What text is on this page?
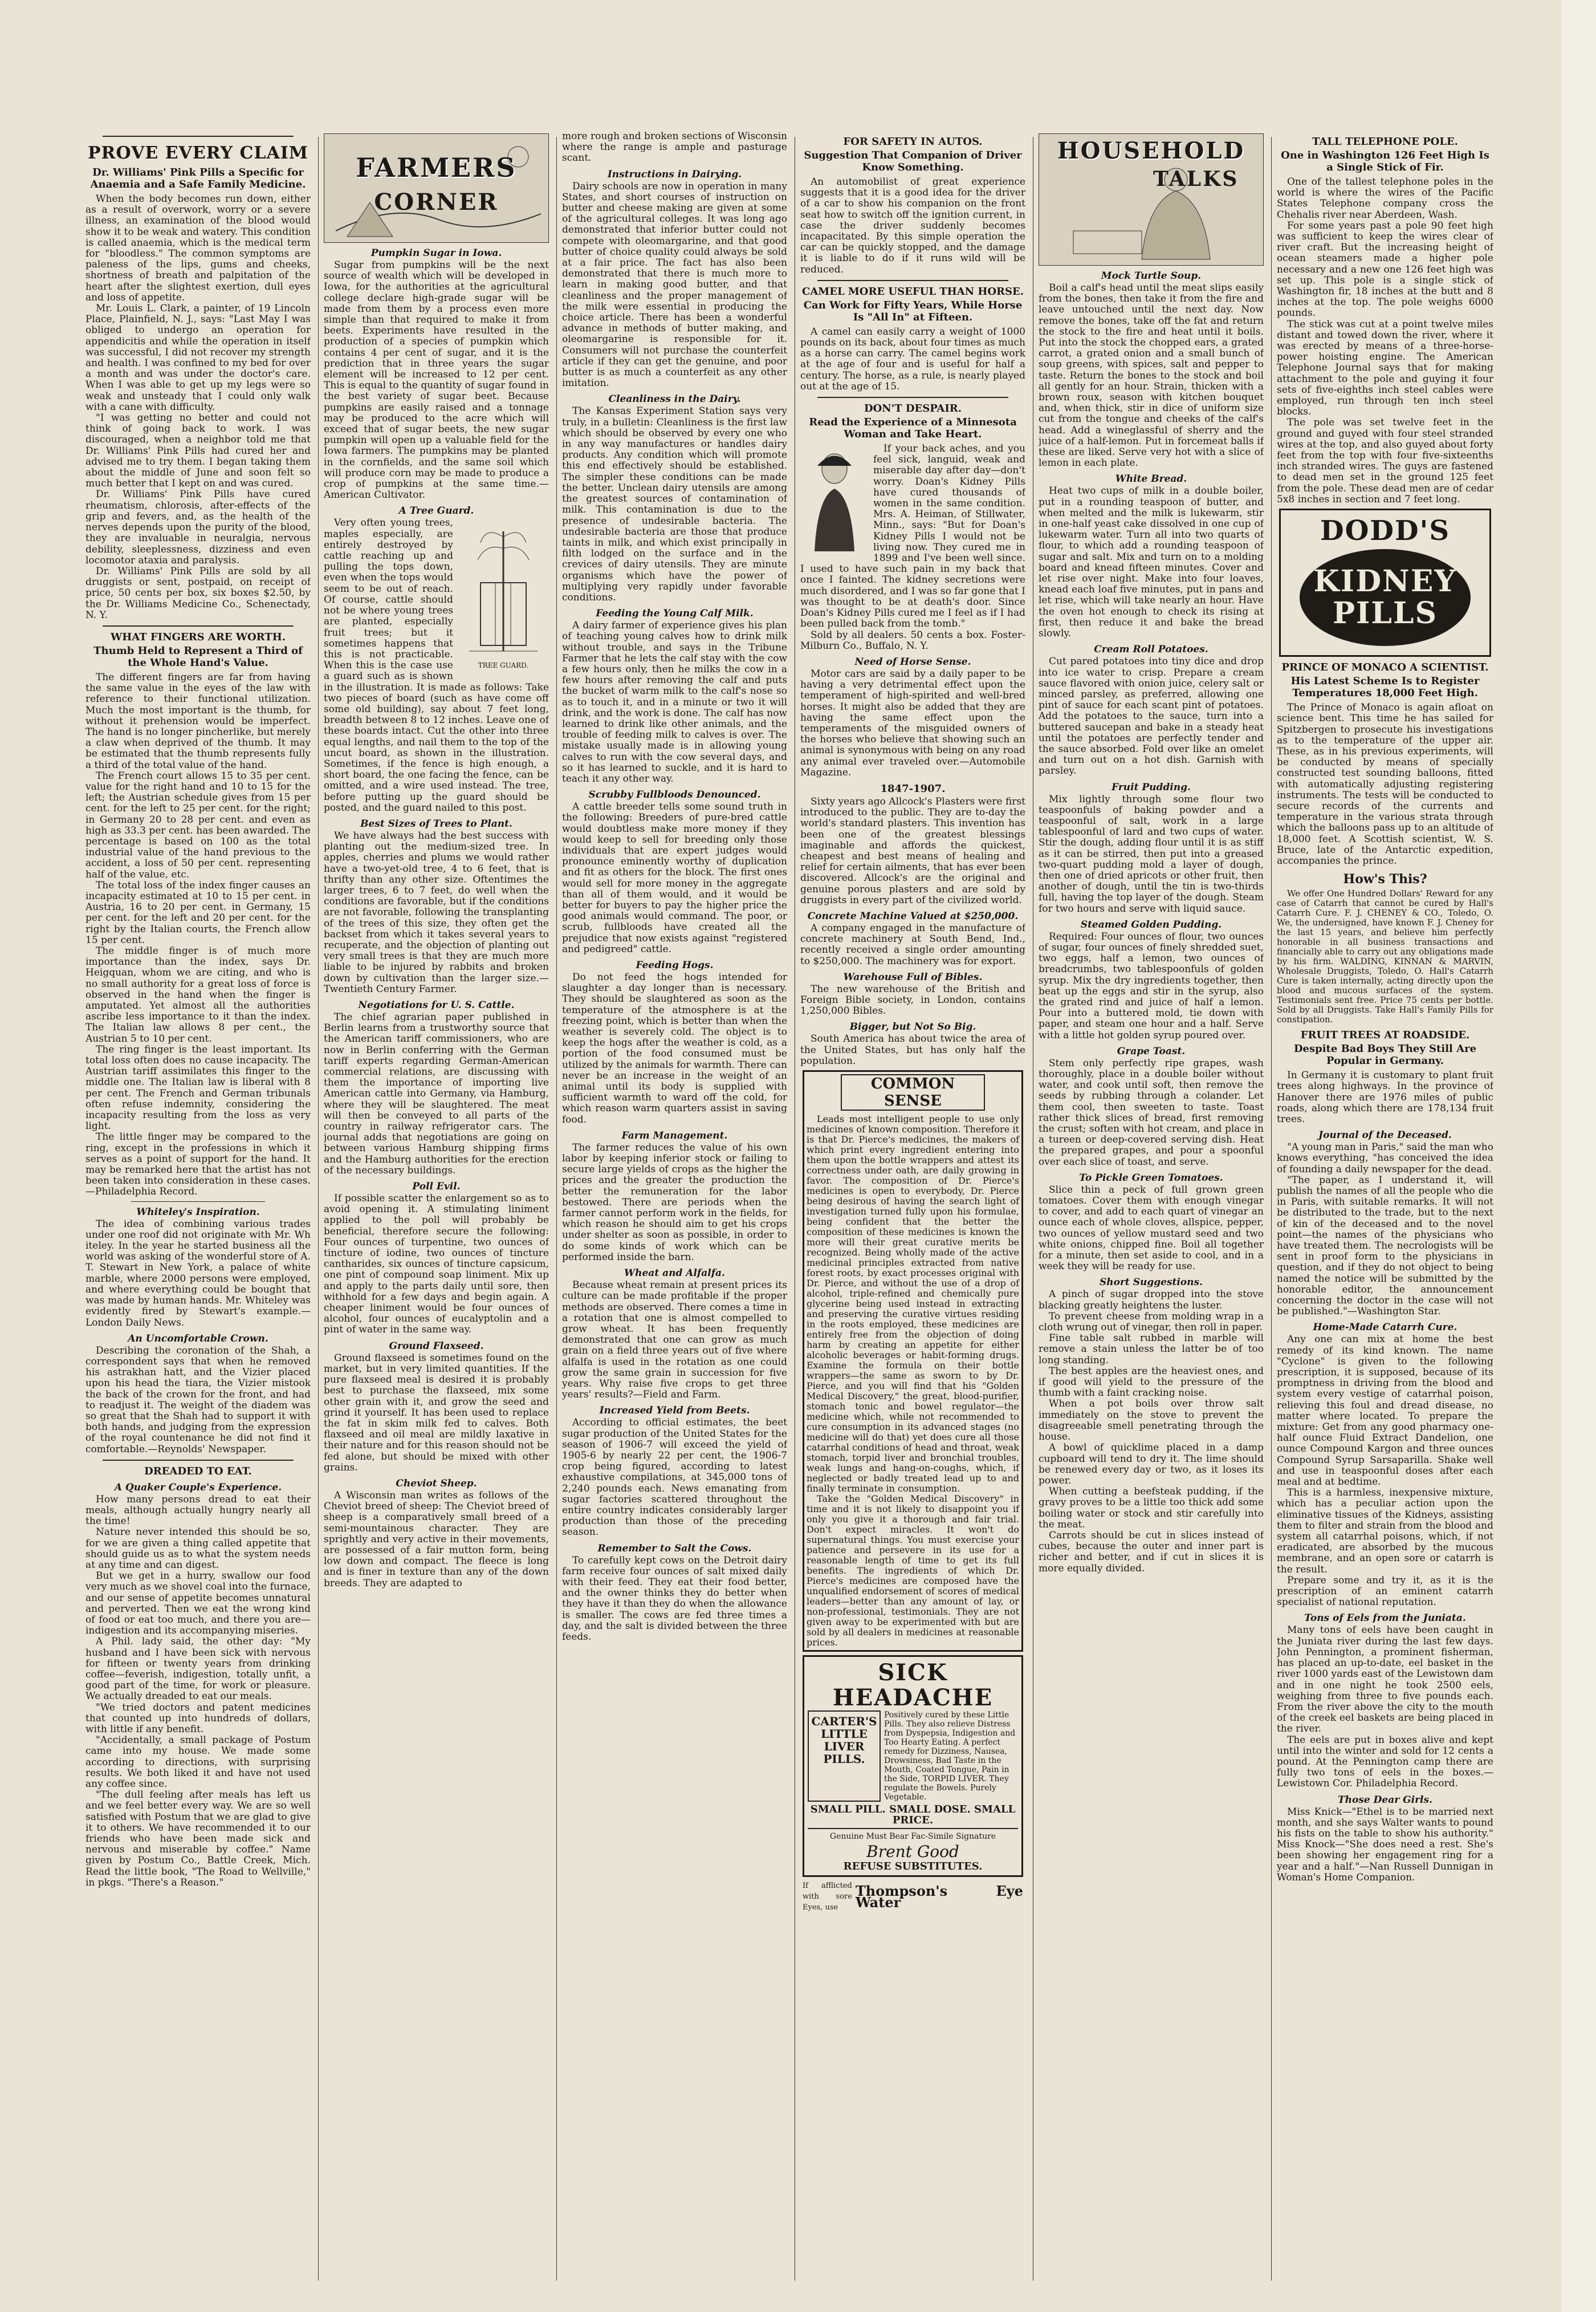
PROVE EVERY CLAIM
Dr. Williams' Pink Pills a Specific for Anaemia and a Safe Family Medicine.

When the body becomes run down, either as a result of overwork, worry or a severe illness, an examination of the blood would show it to be weak and watery. This condition is called anaemia, which is the medical term for "bloodless." The common symptoms are paleness of the lips, gums and cheeks, shortness of breath and palpitation of the heart after the slightest exertion, dull eyes and loss of appetite.

Mr. Louis L. Clark, a painter, of 19 Lincoln Place, Plainfield, N. J., says: "Last May I was obliged to undergo an operation for appendicitis and while the operation in itself was successful, I did not recover my strength and health. I was confined to my bed for over a month and was under the doctor's care. When I was able to get up my legs were so weak and unsteady that I could only walk with a cane with difficulty.

"I was getting no better and could not think of going back to work. I was discouraged, when a neighbor told me that Dr. Williams' Pink Pills had cured her and advised me to try them. I began taking them about the middle of June and soon felt so much better that I kept on and was cured.

Dr. Williams' Pink Pills have cured rheumatism, chlorosis, after-effects of the grip and fevers, and, as the health of the nerves depends upon the purity of the blood, they are invaluable in neuralgia, nervous debility, sleeplessness, dizziness and even locomotor ataxia and paralysis.

Dr. Williams' Pink Pills are sold by all druggists or sent, postpaid, on receipt of price, 50 cents per box, six boxes $2.50, by the Dr. Williams Medicine Co., Schenectady, N. Y.

WHAT FINGERS ARE WORTH.
Thumb Held to Represent a Third of the Whole Hand's Value.

The different fingers are far from having the same value in the eyes of the law with reference to their functional utilization. Much the most important is the thumb, for without it prehension would be imperfect. The hand is no longer pincherlike, but merely a claw when deprived of the thumb. It may be estimated that the thumb represents fully a third of the total value of the hand.

The French court allows 15 to 35 per cent. value for the right hand and 10 to 15 for the left; the Austrian schedule gives from 15 per cent. for the left to 25 per cent. for the right; in Germany 20 to 28 per cent. and even as high as 33.3 per cent. has been awarded. The percentage is based on 100 as the total industrial value of the hand previous to the accident, a loss of 50 per cent. representing half of the value, etc.

The total loss of the index finger causes an incapacity estimated at 10 to 15 per cent. in Austria, 16 to 20 per cent. in Germany, 15 per cent. for the left and 20 per cent. for the right by the Italian courts, the French allow 15 per cent.

The middle finger is of much more importance than the index, says Dr. Heigquan, whom we are citing, and who is no small authority for a great loss of force is observed in the hand when the finger is amputated. Yet almost all the authorities ascribe less importance to it than the index. The Italian law allows 8 per cent., the Austrian 5 to 10 per cent.

The ring finger is the least important. Its total loss often does no cause incapacity. The Austrian tariff assimilates this finger to the middle one. The Italian law is liberal with 8 per cent. The French and German tribunals often refuse indemnity, considering the incapacity resulting from the loss as very light.

The little finger may be compared to the ring, except in the professions in which it serves as a point of support for the hand. It may be remarked here that the artist has not been taken into consideration in these cases.—Philadelphia Record.

Whiteley's Inspiration.

The idea of combining various trades under one roof did not originate with Mr. Wh iteley. In the year he started business all the world was asking of the wonderful store of A. T. Stewart in New York, a palace of white marble, where 2000 persons were employed, and where everything could be bought that was made by human hands. Mr. Whiteley was evidently fired by Stewart's example.—London Daily News.

An Uncomfortable Crown.

Describing the coronation of the Shah, a correspondent says that when he removed his astrakhan hatt, and the Vizier placed upon his head the tiara, the Vizier mistook the back of the crown for the front, and had to readjust it. The weight of the diadem was so great that the Shah had to support it with both hands, and judging from the expression of the royal countenance he did not find it comfortable.—Reynolds' Newspaper.

DREADED TO EAT.
A Quaker Couple's Experience.

How many persons dread to eat their meals, although actually hungry nearly all the time!

Nature never intended this should be so, for we are given a thing called appetite that should guide us as to what the system needs at any time and can digest.

But we get in a hurry, swallow our food very much as we shovel coal into the furnace, and our sense of appetite becomes unnatural and perverted. Then we eat the wrong kind of food or eat too much, and there you are—indigestion and its accompanying miseries.

A Phil. lady said, the other day: "My husband and I have been sick with nervous for fifteen or twenty years from drinking coffee—feverish, indigestion, totally unfit, a good part of the time, for work or pleasure. We actually dreaded to eat our meals.

"We tried doctors and patent medicines that counted up into hundreds of dollars, with little if any benefit.

"Accidentally, a small package of Postum came into my house. We made some according to directions, with surprising results. We both liked it and have not used any coffee since.

"The dull feeling after meals has left us and we feel better every way. We are so well satisfied with Postum that we are glad to give it to others. We have recommended it to our friends who have been made sick and nervous and miserable by coffee." Name given by Postum Co., Battle Creek, Mich. Read the little book, "The Road to Wellville," in pkgs. "There's a Reason."

FARMERS
CORNER
Pumpkin Sugar in Iowa.

Sugar from pumpkins will be the next source of wealth which will be developed in Iowa, for the authorities at the agricultural college declare high-grade sugar will be made from them by a process even more simple than that required to make it from beets. Experiments have resulted in the production of a species of pumpkin which contains 4 per cent of sugar, and it is the prediction that in three years the sugar element will be increased to 12 per cent. This is equal to the quantity of sugar found in the best variety of sugar beet. Because pumpkins are easily raised and a tonnage may be produced to the acre which will exceed that of sugar beets, the new sugar pumpkin will open up a valuable field for the Iowa farmers. The pumpkins may be planted in the cornfields, and the same soil which will produce corn may be made to produce a crop of pumpkins at the same time.—American Cultivator.

A Tree Guard.
TREE GUARD.

Very often young trees, maples especially, are entirely destroyed by cattle reaching up and pulling the tops down, even when the tops would seem to be out of reach. Of course, cattle should not be where young trees are planted, especially fruit trees; but it sometimes happens that this is not practicable. When this is the case use a guard such as is shown in the illustration. It is made as follows: Take two pieces of board (such as have come off some old building), say about 7 feet long, breadth between 8 to 12 inches. Leave one of these boards intact. Cut the other into three equal lengths, and nail them to the top of the uncut board, as shown in the illustration. Sometimes, if the fence is high enough, a short board, the one facing the fence, can be omitted, and a wire used instead. The tree, before putting up the guard should be posted, and the guard nailed to this post.

Best Sizes of Trees to Plant.

We have always had the best success with planting out the medium-sized tree. In apples, cherries and plums we would rather have a two-yet-old tree, 4 to 6 feet, that is thrifty than any other size. Oftentimes the larger trees, 6 to 7 feet, do well when the conditions are favorable, but if the conditions are not favorable, following the transplanting of the trees of this size, they often get the backset from which it takes several years to recuperate, and the objection of planting out very small trees is that they are much more liable to be injured by rabbits and broken down by cultivation than the larger size.—Twentieth Century Farmer.

Negotiations for U. S. Cattle.

The chief agrarian paper published in Berlin learns from a trustworthy source that the American tariff commissioners, who are now in Berlin conferring with the German tariff experts regarding German-American commercial relations, are discussing with them the importance of importing live American cattle into Germany, via Hamburg, where they will be slaughtered. The meat will then be conveyed to all parts of the country in railway refrigerator cars. The journal adds that negotiations are going on between various Hamburg shipping firms and the Hamburg authorities for the erection of the necessary buildings.

Poll Evil.

If possible scatter the enlargement so as to avoid opening it. A stimulating liniment applied to the poll will probably be beneficial, therefore secure the following: Four ounces of turpentine, two ounces of tincture of iodine, two ounces of tincture cantharides, six ounces of tincture capsicum, one pint of compound soap liniment. Mix up and apply to the parts daily until sore, then withhold for a few days and begin again. A cheaper liniment would be four ounces of alcohol, four ounces of eucalyptolin and a pint of water in the same way.

Ground Flaxseed.

Ground flaxseed is sometimes found on the market, but in very limited quantities. If the pure flaxseed meal is desired it is probably best to purchase the flaxseed, mix some other grain with it, and grow the seed and grind it yourself. It has been used to replace the fat in skim milk fed to calves. Both flaxseed and oil meal are mildly laxative in their nature and for this reason should not be fed alone, but should be mixed with other grains.

Cheviot Sheep.

A Wisconsin man writes as follows of the Cheviot breed of sheep: The Cheviot breed of sheep is a comparatively small breed of a semi-mountainous character. They are sprightly and very active in their movements, are possessed of a fair mutton form, being low down and compact. The fleece is long and is finer in texture than any of the down breeds. They are adapted to

more rough and broken sections of Wisconsin where the range is ample and pasturage scant.

Instructions in Dairying.

Dairy schools are now in operation in many States, and short courses of instruction on butter and cheese making are given at some of the agricultural colleges. It was long ago demonstrated that inferior butter could not compete with oleomargarine, and that good butter of choice quality could always be sold at a fair price. The fact has also been demonstrated that there is much more to learn in making good butter, and that cleanliness and the proper management of the milk were essential in producing the choice article. There has been a wonderful advance in methods of butter making, and oleomargarine is responsible for it. Consumers will not purchase the counterfeit article if they can get the genuine, and poor butter is as much a counterfeit as any other imitation.

Cleanliness in the Dairy.

The Kansas Experiment Station says very truly, in a bulletin: Cleanliness is the first law which should be observed by every one who in any way manufactures or handles dairy products. Any condition which will promote this end effectively should be established. The simpler these conditions can be made the better. Unclean dairy utensils are among the greatest sources of contamination of milk. This contamination is due to the presence of undesirable bacteria. The undesirable bacteria are those that produce taints in milk, and which exist principally in filth lodged on the surface and in the crevices of dairy utensils. They are minute organisms which have the power of multiplying very rapidly under favorable conditions.

Feeding the Young Calf Milk.

A dairy farmer of experience gives his plan of teaching young calves how to drink milk without trouble, and says in the Tribune Farmer that he lets the calf stay with the cow a few hours only, then he milks the cow in a few hours after removing the calf and puts the bucket of warm milk to the calf's nose so as to touch it, and in a minute or two it will drink, and the work is done. The calf has now learned to drink like other animals, and the trouble of feeding milk to calves is over. The mistake usually made is in allowing young calves to run with the cow several days, and so it has learned to suckle, and it is hard to teach it any other way.

Scrubby Fullbloods Denounced.

A cattle breeder tells some sound truth in the following: Breeders of pure-bred cattle would doubtless make more money if they would keep to sell for breeding only those individuals that are expert judges would pronounce eminently worthy of duplication and fit as others for the block. The first ones would sell for more money in the aggregate than all of them would, and it would be better for buyers to pay the higher price the good animals would command. The poor, or scrub, fullbloods have created all the prejudice that now exists against "registered and pedigreed" cattle.

Feeding Hogs.

Do not feed the hogs intended for slaughter a day longer than is necessary. They should be slaughtered as soon as the temperature of the atmosphere is at the freezing point, which is better than when the weather is severely cold. The object is to keep the hogs after the weather is cold, as a portion of the food consumed must be utilized by the animals for warmth. There can never be an increase in the weight of an animal until its body is supplied with sufficient warmth to ward off the cold, for which reason warm quarters assist in saving food.

Farm Management.

The farmer reduces the value of his own labor by keeping inferior stock or failing to secure large yields of crops as the higher the prices and the greater the production the better the remuneration for the labor bestowed. There are periods when the farmer cannot perform work in the fields, for which reason he should aim to get his crops under shelter as soon as possible, in order to do some kinds of work which can be performed inside the barn.

Wheat and Alfalfa.

Because wheat remain at present prices its culture can be made profitable if the proper methods are observed. There comes a time in a rotation that one is almost compelled to grow wheat. It has been frequently demonstrated that one can grow as much grain on a field three years out of five where alfalfa is used in the rotation as one could grow the same grain in succession for five years. Why raise five crops to get three years' results?—Field and Farm.

Increased Yield from Beets.

According to official estimates, the beet sugar production of the United States for the season of 1906-7 will exceed the yield of 1905-6 by nearly 22 per cent, the 1906-7 crop being figured, according to latest exhaustive compilations, at 345,000 tons of 2,240 pounds each. News emanating from sugar factories scattered throughout the entire country indicates considerably larger production than those of the preceding season.

Remember to Salt the Cows.

To carefully kept cows on the Detroit dairy farm receive four ounces of salt mixed daily with their feed. They eat their food better, and the owner thinks they do better when they have it than they do when the allowance is smaller. The cows are fed three times a day, and the salt is divided between the three feeds.

FOR SAFETY IN AUTOS.
Suggestion That Companion of Driver Know Something.

An automobilist of great experience suggests that it is a good idea for the driver of a car to show his companion on the front seat how to switch off the ignition current, in case the driver suddenly becomes incapacitated. By this simple operation the car can be quickly stopped, and the damage it is liable to do if it runs wild will be reduced.

CAMEL MORE USEFUL THAN HORSE.
Can Work for Fifty Years, While Horse Is "All In" at Fifteen.

A camel can easily carry a weight of 1000 pounds on its back, about four times as much as a horse can carry. The camel begins work at the age of four and is useful for half a century. The horse, as a rule, is nearly played out at the age of 15.

DON'T DESPAIR.
Read the Experience of a Minnesota Woman and Take Heart.

If your back aches, and you feel sick, languid, weak and miserable day after day—don't worry. Doan's Kidney Pills have cured thousands of women in the same condition. Mrs. A. Heiman, of Stillwater, Minn., says: "But for Doan's Kidney Pills I would not be living now. They cured me in 1899 and I've been well since. I used to have such pain in my back that once I fainted. The kidney secretions were much disordered, and I was so far gone that I was thought to be at death's door. Since Doan's Kidney Pills cured me I feel as if I had been pulled back from the tomb."

Sold by all dealers. 50 cents a box. Foster-Milburn Co., Buffalo, N. Y.

Need of Horse Sense.

Motor cars are said by a daily paper to be having a very detrimental effect upon the temperament of high-spirited and well-bred horses. It might also be added that they are having the same effect upon the temperaments of the misguided owners of the horses who believe that showing such an animal is synonymous with being on any road any animal ever traveled over.—Automobile Magazine.

1847-1907.

Sixty years ago Allcock's Plasters were first introduced to the public. They are to-day the world's standard plasters. This invention has been one of the greatest blessings imaginable and affords the quickest, cheapest and best means of healing and relief for certain ailments, that has ever been discovered. Allcock's are the original and genuine porous plasters and are sold by druggists in every part of the civilized world.

Concrete Machine Valued at $250,000.

A company engaged in the manufacture of concrete machinery at South Bend, Ind., recently received a single order amounting to $250,000. The machinery was for export.

Warehouse Full of Bibles.

The new warehouse of the British and Foreign Bible society, in London, contains 1,250,000 Bibles.

Bigger, but Not So Big.

South America has about twice the area of the United States, but has only half the population.

COMMON SENSE

Leads most intelligent people to use only medicines of known composition. Therefore it is that Dr. Pierce's medicines, the makers of which print every ingredient entering into them upon the bottle wrappers and attest its correctness under oath, are daily growing in favor. The composition of Dr. Pierce's medicines is open to everybody, Dr. Pierce being desirous of having the search light of investigation turned fully upon his formulae, being confident that the better the composition of these medicines is known the more will their great curative merits be recognized. Being wholly made of the active medicinal principles extracted from native forest roots, by exact processes original with Dr. Pierce, and without the use of a drop of alcohol, triple-refined and chemically pure glycerine being used instead in extracting and preserving the curative virtues residing in the roots employed, these medicines are entirely free from the objection of doing harm by creating an appetite for either alcoholic beverages or habit-forming drugs. Examine the formula on their bottle wrappers—the same as sworn to by Dr. Pierce, and you will find that his "Golden Medical Discovery," the great, blood-purifier, stomach tonic and bowel regulator—the medicine which, while not recommended to cure consumption in its advanced stages (no medicine will do that) yet does cure all those catarrhal conditions of head and throat, weak stomach, torpid liver and bronchial troubles, weak lungs and hang-on-coughs, which, if neglected or badly treated lead up to and finally terminate in consumption.

Take the "Golden Medical Discovery" in time and it is not likely to disappoint you if only you give it a thorough and fair trial. Don't expect miracles. It won't do supernatural things. You must exercise your patience and persevere in its use for a reasonable length of time to get its full benefits. The ingredients of which Dr. Pierce's medicines are composed have the unqualified endorsement of scores of medical leaders—better than any amount of lay, or non-professional, testimonials. They are not given away to be experimented with but are sold by all dealers in medicines at reasonable prices.

SICK HEADACHE
CARTER'S LITTLE LIVER PILLS.
Positively cured by these Little Pills. They also relieve Distress from Dyspepsia, Indigestion and Too Hearty Eating. A perfect remedy for Dizziness, Nausea, Drowsiness, Bad Taste in the Mouth, Coated Tongue, Pain in the Side, TORPID LIVER. They regulate the Bowels. Purely Vegetable.
SMALL PILL. SMALL DOSE. SMALL PRICE.
Genuine Must Bear Fac-Simile Signature
Brent Good
REFUSE SUBSTITUTES.
If afflicted with sore Eyes, use
Thompson's Eye Water
HOUSEHOLD
TALKS
Mock Turtle Soup.

Boil a calf's head until the meat slips easily from the bones, then take it from the fire and leave untouched until the next day. Now remove the bones, take off the fat and return the stock to the fire and heat until it boils. Put into the stock the chopped ears, a grated carrot, a grated onion and a small bunch of soup greens, with spices, salt and pepper to taste. Return the bones to the stock and boil all gently for an hour. Strain, thicken with a brown roux, season with kitchen bouquet and, when thick, stir in dice of uniform size cut from the tongue and cheeks of the calf's head. Add a wineglassful of sherry and the juice of a half-lemon. Put in forcemeat balls if these are liked. Serve very hot with a slice of lemon in each plate.

White Bread.

Heat two cups of milk in a double boiler, put in a rounding teaspoon of butter, and when melted and the milk is lukewarm, stir in one-half yeast cake dissolved in one cup of lukewarm water. Turn all into two quarts of flour, to which add a rounding teaspoon of sugar and salt. Mix and turn on to a molding board and knead fifteen minutes. Cover and let rise over night. Make into four loaves, knead each loaf five minutes, put in pans and let rise, which will take nearly an hour. Have the oven hot enough to check its rising at first, then reduce it and bake the bread slowly.

Cream Roll Potatoes.

Cut pared potatoes into tiny dice and drop into ice water to crisp. Prepare a cream sauce flavored with onion juice, celery salt or minced parsley, as preferred, allowing one pint of sauce for each scant pint of potatoes. Add the potatoes to the sauce, turn into a buttered saucepan and bake in a steady heat until the potatoes are perfectly tender and the sauce absorbed. Fold over like an omelet and turn out on a hot dish. Garnish with parsley.

Fruit Pudding.

Mix lightly through some flour two teaspoonfuls of baking powder and a teaspoonful of salt, work in a large tablespoonful of lard and two cups of water. Stir the dough, adding flour until it is as stiff as it can be stirred, then put into a greased two-quart pudding mold a layer of dough, then one of dried apricots or other fruit, then another of dough, until the tin is two-thirds full, having the top layer of the dough. Steam for two hours and serve with liquid sauce.

Steamed Golden Pudding.

Required: Four ounces of flour, two ounces of sugar, four ounces of finely shredded suet, two eggs, half a lemon, two ounces of breadcrumbs, two tablespoonfuls of golden syrup. Mix the dry ingredients together, then beat up the eggs and stir in the syrup, also the grated rind and juice of half a lemon. Pour into a buttered mold, tie down with paper, and steam one hour and a half. Serve with a little hot golden syrup poured over.

Grape Toast.

Stem only perfectly ripe grapes, wash thoroughly, place in a double boiler without water, and cook until soft, then remove the seeds by rubbing through a colander. Let them cool, then sweeten to taste. Toast rather thick slices of bread, first removing the crust; soften with hot cream, and place in a tureen or deep-covered serving dish. Heat the prepared grapes, and pour a spoonful over each slice of toast, and serve.

To Pickle Green Tomatoes.

Slice thin a peck of full grown green tomatoes. Cover them with enough vinegar to cover, and add to each quart of vinegar an ounce each of whole cloves, allspice, pepper, two ounces of yellow mustard seed and two white onions, chipped fine. Boil all together for a minute, then set aside to cool, and in a week they will be ready for use.

Short Suggestions.

A pinch of sugar dropped into the stove blacking greatly heightens the luster.

To prevent cheese from molding wrap in a cloth wrung out of vinegar, then roll in paper.

Fine table salt rubbed in marble will remove a stain unless the latter be of too long standing.

The best apples are the heaviest ones, and if good will yield to the pressure of the thumb with a faint cracking noise.

When a pot boils over throw salt immediately on the stove to prevent the disagreeable smell penetrating through the house.

A bowl of quicklime placed in a damp cupboard will tend to dry it. The lime should be renewed every day or two, as it loses its power.

When cutting a beefsteak pudding, if the gravy proves to be a little too thick add some boiling water or stock and stir carefully into the meat.

Carrots should be cut in slices instead of cubes, because the outer and inner part is richer and better, and if cut in slices it is more equally divided.

TALL TELEPHONE POLE.
One in Washington 126 Feet High Is a Single Stick of Fir.

One of the tallest telephone poles in the world is where the wires of the Pacific States Telephone company cross the Chehalis river near Aberdeen, Wash.

For some years past a pole 90 feet high was sufficient to keep the wires clear of river craft. But the increasing height of ocean steamers made a higher pole necessary and a new one 126 feet high was set up. This pole is a single stick of Washington fir, 18 inches at the butt and 8 inches at the top. The pole weighs 6000 pounds.

The stick was cut at a point twelve miles distant and towed down the river, where it was erected by means of a three-horse-power hoisting engine. The American Telephone Journal says that for making attachment to the pole and guying it four sets of five-eighths inch steel cables were employed, run through ten inch steel blocks.

The pole was set twelve feet in the ground and guyed with four steel stranded wires at the top, and also guyed about forty feet from the top with four five-sixteenths inch stranded wires. The guys are fastened to dead men set in the ground 125 feet from the pole. These dead men are of cedar 5x8 inches in section and 7 feet long.

DODD'S
KIDNEY
PILLS
PRINCE OF MONACO A SCIENTIST.
His Latest Scheme Is to Register Temperatures 18,000 Feet High.

The Prince of Monaco is again afloat on science bent. This time he has sailed for Spitzbergen to prosecute his investigations as to the temperature of the upper air. These, as in his previous experiments, will be conducted by means of specially constructed test sounding balloons, fitted with automatically adjusting registering instruments. The tests will be conducted to secure records of the currents and temperature in the various strata through which the balloons pass up to an altitude of 18,000 feet. A Scottish scientist, W. S. Bruce, late of the Antarctic expedition, accompanies the prince.

How's This?

We offer One Hundred Dollars' Reward for any case of Catarrh that cannot be cured by Hall's Catarrh Cure. F. J. CHENEY & CO., Toledo, O. We, the undersigned, have known F. J. Cheney for the last 15 years, and believe him perfectly honorable in all business transactions and financially able to carry out any obligations made by his firm. WALDING, KINNAN & MARVIN, Wholesale Druggists, Toledo, O. Hall's Catarrh Cure is taken internally, acting directly upon the blood and mucous surfaces of the system. Testimonials sent free. Price 75 cents per bottle. Sold by all Druggists. Take Hall's Family Pills for constipation.

FRUIT TREES AT ROADSIDE.
Despite Bad Boys They Still Are Popular in Germany.

In Germany it is customary to plant fruit trees along highways. In the province of Hanover there are 1976 miles of public roads, along which there are 178,134 fruit trees.

Journal of the Deceased.

"A young man in Paris," said the man who knows everything, "has conceived the idea of founding a daily newspaper for the dead.

"The paper, as I understand it, will publish the names of all the people who die in Paris, with suitable remarks. It will not be distributed to the trade, but to the next of kin of the deceased and to the novel point—the names of the physicians who have treated them. The necrologists will be sent in proof form to the physicians in question, and if they do not object to being named the notice will be submitted by the honorable editor, the announcement concerning the doctor in the case will not be published."—Washington Star.

Home-Made Catarrh Cure.

Any one can mix at home the best remedy of its kind known. The name "Cyclone" is given to the following prescription, it is supposed, because of its promptness in driving from the blood and system every vestige of catarrhal poison, relieving this foul and dread disease, no matter where located. To prepare the mixture: Get from any good pharmacy one-half ounce Fluid Extract Dandelion, one ounce Compound Kargon and three ounces Compound Syrup Sarsaparilla. Shake well and use in teaspoonful doses after each meal and at bedtime.

This is a harmless, inexpensive mixture, which has a peculiar action upon the eliminative tissues of the Kidneys, assisting them to filter and strain from the blood and system all catarrhal poisons, which, if not eradicated, are absorbed by the mucous membrane, and an open sore or catarrh is the result.

Prepare some and try it, as it is the prescription of an eminent catarrh specialist of national reputation.

Tons of Eels from the Juniata.

Many tons of eels have been caught in the Juniata river during the last few days. John Pennington, a prominent fisherman, has placed an up-to-date, eel basket in the river 1000 yards east of the Lewistown dam and in one night he took 2500 eels, weighing from three to five pounds each. From the river above the city to the mouth of the creek eel baskets are being placed in the river.

The eels are put in boxes alive and kept until into the winter and sold for 12 cents a pound. At the Pennington camp there are fully two tons of eels in the boxes.—Lewistown Cor. Philadelphia Record.

Those Dear Girls.

Miss Knick—"Ethel is to be married next month, and she says Walter wants to pound his fists on the table to show his authority." Miss Knock—"She does need a rest. She's been showing her engagement ring for a year and a half."—Nan Russell Dunnigan in Woman's Home Companion.
